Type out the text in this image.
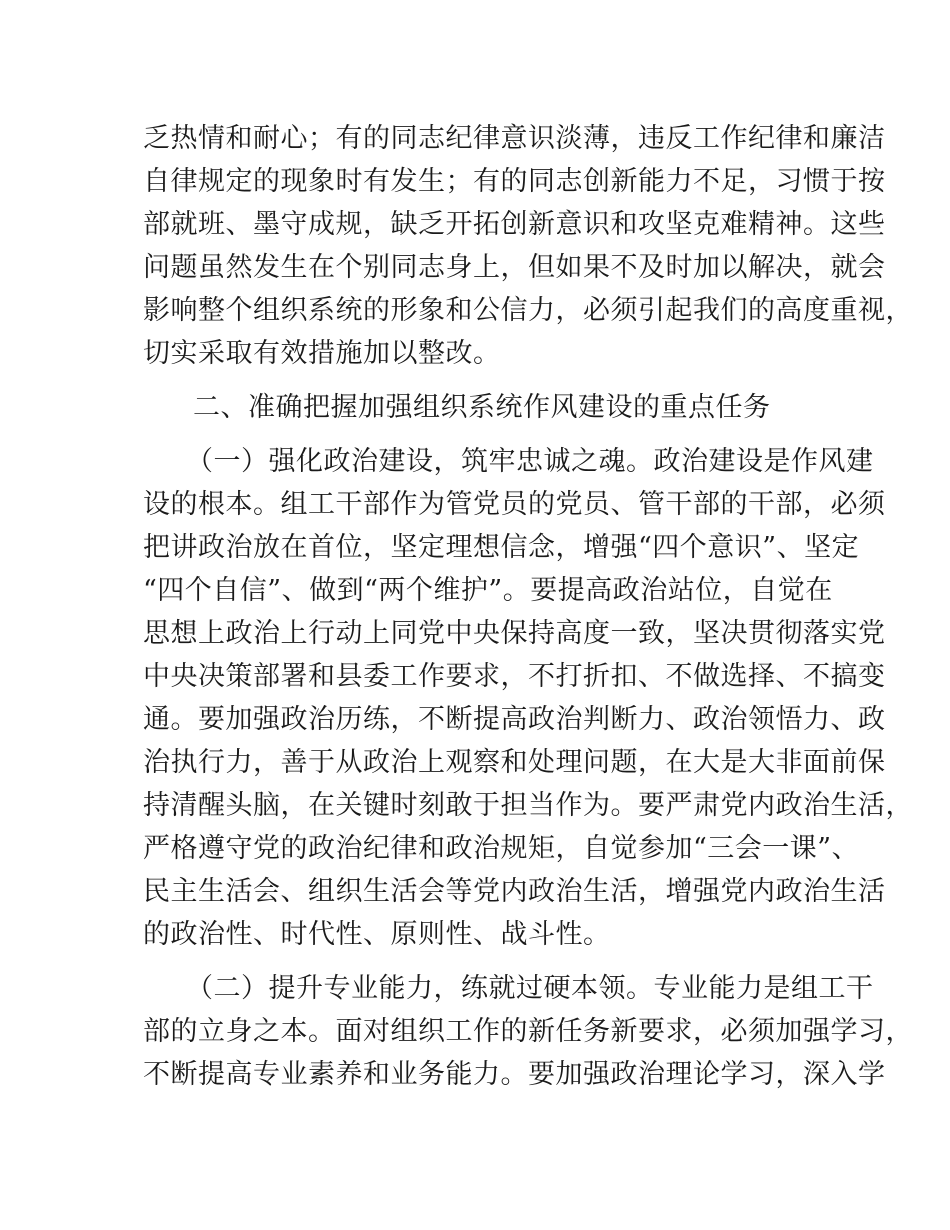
乏热情和耐心；有的同志纪律意识淡薄，违反工作纪律和廉洁
自律规定的现象时有发生；有的同志创新能力不足，习惯于按
部就班、墨守成规，缺乏开拓创新意识和攻坚克难精神。这些
问题虽然发生在个别同志身上，但如果不及时加以解决，就会
影响整个组织系统的形象和公信力，必须引起我们的高度重视，
切实采取有效措施加以整改。
二、准确把握加强组织系统作风建设的重点任务
（一）强化政治建设，筑牢忠诚之魂。政治建设是作风建
设的根本。组工干部作为管党员的党员、管干部的干部，必须
把讲政治放在首位，坚定理想信念，增强“四个意识”、坚定
“四个自信”、做到“两个维护”。要提高政治站位，自觉在
思想上政治上行动上同党中央保持高度一致，坚决贯彻落实党
中央决策部署和县委工作要求，不打折扣、不做选择、不搞变
通。要加强政治历练，不断提高政治判断力、政治领悟力、政
治执行力，善于从政治上观察和处理问题，在大是大非面前保
持清醒头脑，在关键时刻敢于担当作为。要严肃党内政治生活，
严格遵守党的政治纪律和政治规矩，自觉参加“三会一课”、
民主生活会、组织生活会等党内政治生活，增强党内政治生活
的政治性、时代性、原则性、战斗性。
（二）提升专业能力，练就过硬本领。专业能力是组工干
部的立身之本。面对组织工作的新任务新要求，必须加强学习，
不断提高专业素养和业务能力。要加强政治理论学习，深入学
